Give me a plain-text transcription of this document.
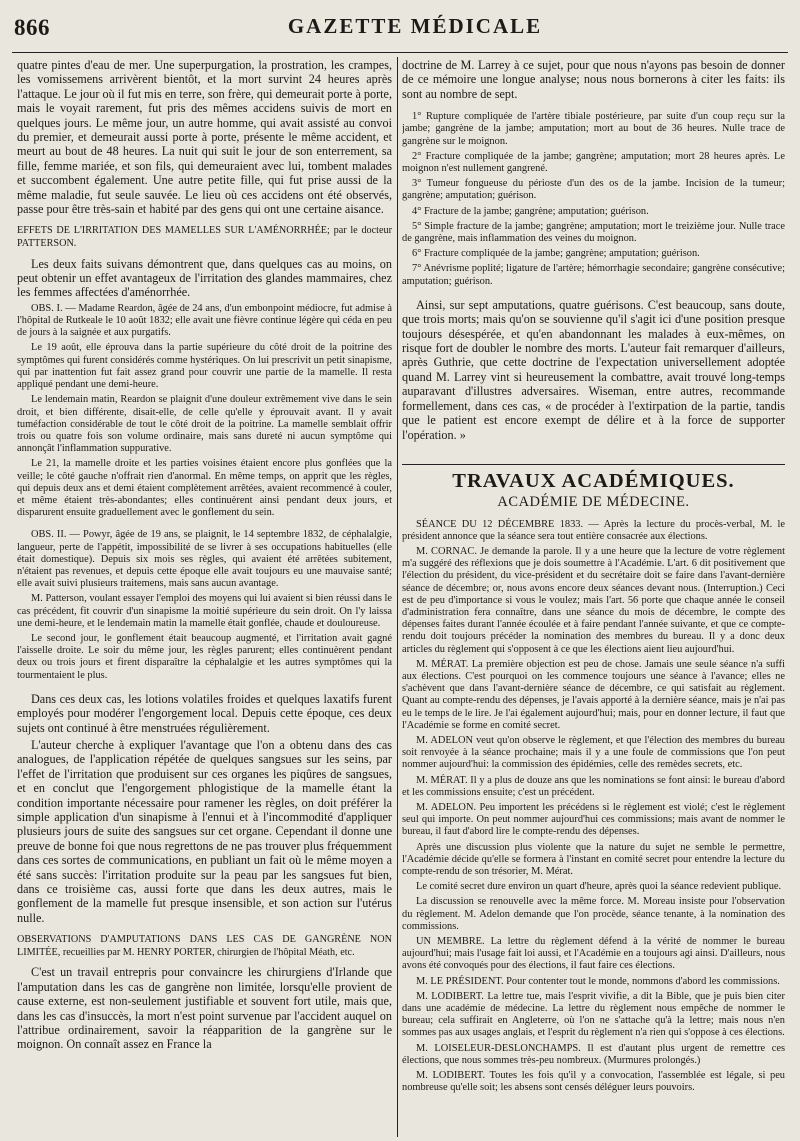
866	GAZETTE MÉDICALE

quatre pintes d'eau de mer. Une superpurgation, la prostration, les crampes, les vomissemens arrivèrent bientôt, et la mort survint 24 heures après l'attaque. Le jour où il fut mis en terre, son frère, qui demeurait porte à porte, mais le voyait rarement, fut pris des mêmes accidens suivis de mort en quelques jours. Le même jour, un autre homme, qui avait assisté au convoi du premier, et demeurait aussi porte à porte, présente le même accident, et meurt au bout de 48 heures. La nuit qui suit le jour de son enterrement, sa fille, femme mariée, et son fils, qui demeuraient avec lui, tombent malades et succombent également. Une autre petite fille, qui fut prise aussi de la même maladie, fut seule sauvée. Le lieu où ces accidens ont été observés, passe pour être très-sain et habité par des gens qui ont une certaine aisance.

EFFETS DE L'IRRITATION DES MAMELLES SUR L'AMÉNORRHÉE; par le docteur PATTERSON.

Les deux faits suivans démontrent que, dans quelques cas au moins, on peut obtenir un effet avantageux de l'irritation des glandes mammaires, chez les femmes affectées d'aménorrhée.

OBS. I. — Madame Reardon, âgée de 24 ans, d'un embonpoint médiocre, fut admise à l'hôpital de Rutkeale le 10 août 1832; elle avait une fièvre continue légère qui céda en peu de jours à la saignée et aux purgatifs.

Le 19 août, elle éprouva dans la partie supérieure du côté droit de la poitrine des symptômes qui furent considérés comme hystériques. On lui prescrivit un petit sinapisme, qui par inattention fut fait assez grand pour couvrir une partie de la mamelle. Il resta appliqué pendant une demi-heure.

Le lendemain matin, Reardon se plaignit d'une douleur extrêmement vive dans le sein droit, et bien différente, disait-elle, de celle qu'elle y éprouvait avant. Il y avait tuméfaction considérable de tout le côté droit de la poitrine. La mamelle semblait offrir trois ou quatre fois son volume ordinaire, mais sans dureté ni aucun symptôme qui annonçât l'inflammation suppurative.

Le 21, la mamelle droite et les parties voisines étaient encore plus gonflées que la veille; le côté gauche n'offrait rien d'anormal. En même temps, on apprit que les règles, qui depuis deux ans et demi étaient complètement arrêtées, avaient recommencé à couler, et même étaient très-abondantes; elles continuèrent ainsi pendant deux jours, et disparurent ensuite graduellement avec le gonflement du sein.

OBS. II. — Powyr, âgée de 19 ans, se plaignit, le 14 septembre 1832, de céphalalgie, langueur, perte de l'appétit, impossibilité de se livrer à ses occupations habituelles (elle était domestique). Depuis six mois ses règles, qui avaient été arrêtées subitement, n'étaient pas revenues, et depuis cette époque elle avait toujours eu une mauvaise santé; elle avait suivi plusieurs traitemens, mais sans aucun avantage.

M. Patterson, voulant essayer l'emploi des moyens qui lui avaient si bien réussi dans le cas précédent, fit couvrir d'un sinapisme la moitié supérieure du sein droit. On l'y laissa une demi-heure, et le lendemain matin la mamelle était gonflée, chaude et douloureuse.

Le second jour, le gonflement était beaucoup augmenté, et l'irritation avait gagné l'aisselle droite. Le soir du même jour, les règles parurent; elles continuèrent pendant deux ou trois jours et firent disparaître la céphalalgie et les autres symptômes qui la tourmentaient le plus.

Dans ces deux cas, les lotions volatiles froides et quelques laxatifs furent employés pour modérer l'engorgement local. Depuis cette époque, ces deux sujets ont continué à être menstruées régulièrement.

L'auteur cherche à expliquer l'avantage que l'on a obtenu dans des cas analogues, de l'application répétée de quelques sangsues sur les seins, par l'effet de l'irritation que produisent sur ces organes les piqûres de sangsues, et en conclut que l'engorgement phlogistique de la mamelle étant la condition importante nécessaire pour ramener les règles, on doit préférer la simple application d'un sinapisme à l'ennui et à l'incommodité d'appliquer plusieurs jours de suite des sangsues sur cet organe. Cependant il donne une preuve de bonne foi que nous regrettons de ne pas trouver plus fréquemment dans ces sortes de communications, en publiant un fait où le même moyen a été sans succès: l'irritation produite sur la peau par les sangsues fut bien, dans ce troisième cas, aussi forte que dans les deux autres, mais le gonflement de la mamelle fut presque insensible, et son action sur l'utérus nulle.

OBSERVATIONS D'AMPUTATIONS DANS LES CAS DE GANGRÈNE NON LIMITÉE, recueillies par M. HENRY PORTER, chirurgien de l'hôpital Méath, etc.

C'est un travail entrepris pour convaincre les chirurgiens d'Irlande que l'amputation dans les cas de gangrène non limitée, lorsqu'elle provient de cause externe, est non-seulement justifiable et souvent fort utile, mais que, dans les cas d'insuccès, la mort n'est point survenue par l'accident auquel on l'attribue ordinairement, savoir la réapparition de la gangrène sur le moignon. On connaît assez en France la

doctrine de M. Larrey à ce sujet, pour que nous n'ayons pas besoin de donner de ce mémoire une longue analyse; nous nous bornerons à citer les faits: ils sont au nombre de sept.

1° Rupture compliquée de l'artère tibiale postérieure, par suite d'un coup reçu sur la jambe; gangrène de la jambe; amputation; mort au bout de 36 heures. Nulle trace de gangrène sur le moignon.

2° Fracture compliquée de la jambe; gangrène; amputation; mort 28 heures après. Le moignon n'est nullement gangrené.

3° Tumeur fongueuse du périoste d'un des os de la jambe. Incision de la tumeur; gangrène; amputation; guérison.

4° Fracture de la jambe; gangrène; amputation; guérison.

5° Simple fracture de la jambe; gangrène; amputation; mort le treizième jour. Nulle trace de gangrène, mais inflammation des veines du moignon.

6° Fracture compliquée de la jambe; gangrène; amputation; guérison.

7° Anévrisme poplité; ligature de l'artère; hémorrhagie secondaire; gangrène consécutive; amputation; guérison.

Ainsi, sur sept amputations, quatre guérisons. C'est beaucoup, sans doute, que trois morts; mais qu'on se souvienne qu'il s'agit ici d'une position presque toujours désespérée, et qu'en abandonnant les malades à eux-mêmes, on risque fort de doubler le nombre des morts. L'auteur fait remarquer d'ailleurs, après Guthrie, que cette doctrine de l'expectation universellement adoptée quand M. Larrey vint si heureusement la combattre, avait trouvé long-temps auparavant d'illustres adversaires. Wiseman, entre autres, recommande formellement, dans ces cas, « de procéder à l'extirpation de la partie, tandis que le patient est encore exempt de délire et à la force de supporter l'opération. »

TRAVAUX ACADÉMIQUES.
ACADÉMIE DE MÉDECINE.

SÉANCE DU 12 DÉCEMBRE 1833. — Après la lecture du procès-verbal, M. le président annonce que la séance sera tout entière consacrée aux élections.

M. CORNAC. Je demande la parole. Il y a une heure que la lecture de votre règlement m'a suggéré des réflexions que je dois soumettre à l'Académie. L'art. 6 dit positivement que l'élection du président, du vice-président et du secrétaire doit se faire dans l'avant-dernière séance de décembre; or, nous avons encore deux séances devant nous. (Interruption.) Ceci est de peu d'importance si vous le voulez; mais l'art. 56 porte que chaque année le conseil d'administration fera connaître, dans une séance du mois de décembre, le compte des dépenses faites durant l'année écoulée et à faire pendant l'année suivante, et que ce compte-rendu doit toujours précéder la nomination des membres du bureau. Il y a donc deux articles du règlement qui s'opposent à ce que les élections aient lieu aujourd'hui.

M. MÉRAT. La première objection est peu de chose. Jamais une seule séance n'a suffi aux élections. C'est pourquoi on les commence toujours une séance à l'avance; elles ne s'achèvent que dans l'avant-dernière séance de décembre, ce qui satisfait au règlement. Quant au compte-rendu des dépenses, je l'avais apporté à la dernière séance, mais je n'ai pas eu le temps de le lire. Je l'ai également aujourd'hui; mais, pour en donner lecture, il faut que l'Académie se forme en comité secret.

M. ADELON veut qu'on observe le règlement, et que l'élection des membres du bureau soit renvoyée à la séance prochaine; mais il y a une foule de commissions que l'on peut nommer aujourd'hui: la commission des épidémies, celle des remèdes secrets, etc.

M. MÉRAT. Il y a plus de douze ans que les nominations se font ainsi: le bureau d'abord et les commissions ensuite; c'est un précédent.

M. ADELON. Peu importent les précédens si le règlement est violé; c'est le règlement seul qui importe. On peut nommer aujourd'hui ces commissions; mais avant de nommer le bureau, il faut d'abord lire le compte-rendu des dépenses.

Après une discussion plus violente que la nature du sujet ne semble le permettre, l'Académie décide qu'elle se formera à l'instant en comité secret pour entendre la lecture du compte-rendu de son trésorier, M. Mérat.

Le comité secret dure environ un quart d'heure, après quoi la séance redevient publique.

La discussion se renouvelle avec la même force. M. Moreau insiste pour l'observation du règlement. M. Adelon demande que l'on procède, séance tenante, à la nomination des commissions.

UN MEMBRE. La lettre du règlement défend à la vérité de nommer le bureau aujourd'hui; mais l'usage fait loi aussi, et l'Académie en a toujours agi ainsi. D'ailleurs, nous avons été convoqués pour des élections, il faut faire ces élections.

M. LE PRÉSIDENT. Pour contenter tout le monde, nommons d'abord les commissions.

M. LODIBERT. La lettre tue, mais l'esprit vivifie, a dit la Bible, que je puis bien citer dans une académie de médecine. La lettre du règlement nous empêche de nommer le bureau; cela suffirait en Angleterre, où l'on ne s'attache qu'à la lettre; mais nous n'en sommes pas aux usages anglais, et l'esprit du règlement n'a rien qui s'oppose à ces élections.

M. LOISELEUR-DESLONCHAMPS. Il est d'autant plus urgent de remettre ces élections, que nous sommes très-peu nombreux. (Murmures prolongés.)

M. LODIBERT. Toutes les fois qu'il y a convocation, l'assemblée est légale, si peu nombreuse qu'elle soit; les absens sont censés déléguer leurs pouvoirs.
